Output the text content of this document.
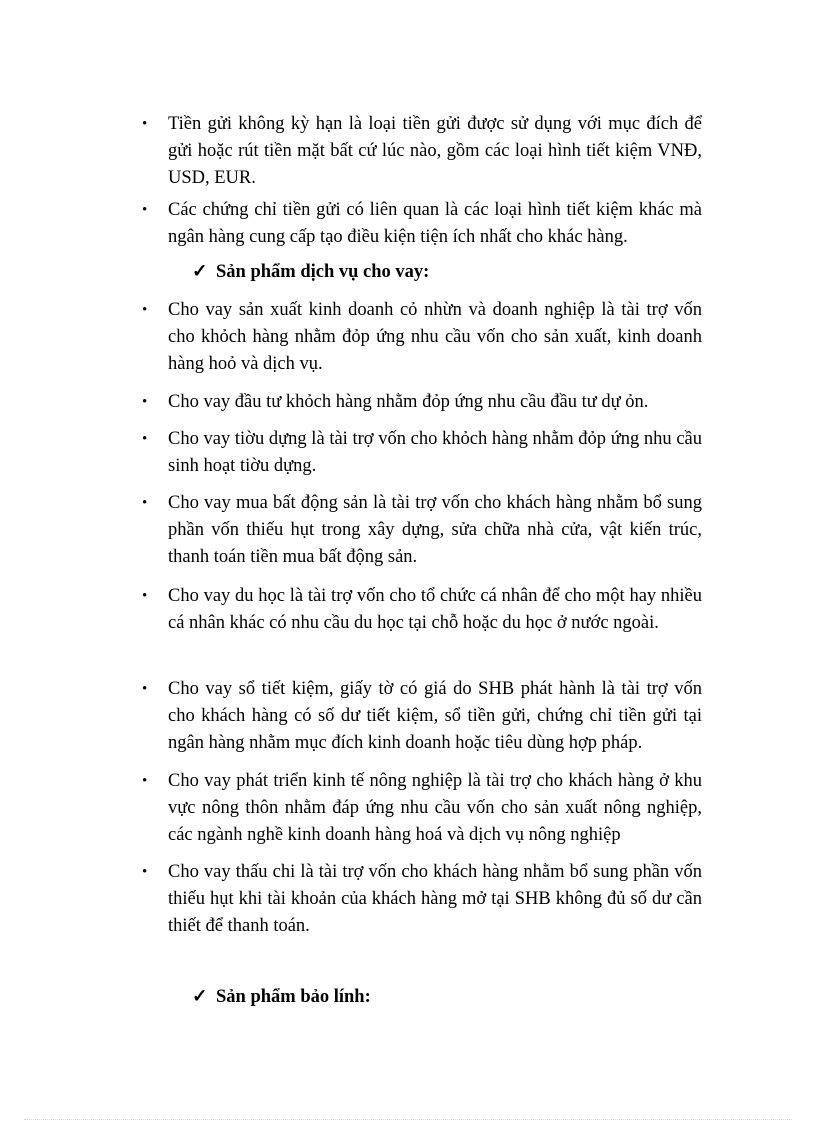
•	Tiền gửi không kỳ hạn là loại tiền gửi được sử dụng với mục đích để gửi hoặc rút tiền mặt bất cứ lúc nào, gồm các loại hình tiết kiệm VNĐ, USD, EUR.
•	Các chứng chỉ tiền gửi có liên quan là các loại hình tiết kiệm khác mà ngân hàng cung cấp tạo điều kiện tiện ích nhất cho khác hàng.
✓ Sản phẩm dịch vụ cho vay:
•	Cho vay sản xuất kinh doanh cỏ nhừn và doanh nghiệp là tài trợ vốn cho khỏch hàng nhằm đỏp ứng nhu cầu vốn cho sản xuất, kinh doanh hàng hoỏ và dịch vụ.
•	Cho vay đầu tư khỏch hàng nhằm đỏp ứng nhu cầu đầu tư dự ỏn.
•	Cho vay tiờu dựng là tài trợ vốn cho khỏch hàng nhằm đỏp ứng nhu cầu sinh hoạt tiờu dựng.
•	Cho vay mua bất động sản là tài trợ vốn cho khách hàng nhằm bổ sung phần vốn thiếu hụt trong xây dựng, sửa chữa nhà cửa, vật kiến trúc, thanh toán tiền mua bất động sản.
•	Cho vay du học là tài trợ vốn cho tổ chức cá nhân để cho một hay nhiều cá nhân khác có nhu cầu du học tại chỗ hoặc du học ở nước ngoài.
•	Cho vay sổ tiết kiệm, giấy tờ có giá do SHB phát hành là tài trợ vốn cho khách hàng có số dư tiết kiệm, sổ tiền gửi, chứng chỉ tiền gửi tại ngân hàng nhằm mục đích kinh doanh hoặc tiêu dùng hợp pháp.
•	Cho vay phát triển kinh tế nông nghiệp là tài trợ cho khách hàng ở khu vực nông thôn nhằm đáp ứng nhu cầu vốn cho sản xuất nông nghiệp, các ngành nghề kinh doanh hàng hoá và dịch vụ nông nghiệp
•	Cho vay thấu chi là tài trợ vốn cho khách hàng nhằm bổ sung phần vốn thiếu hụt khi tài khoản của khách hàng mở tại SHB không đủ số dư cần thiết để thanh toán.
✓ Sản phẩm bảo lính:
